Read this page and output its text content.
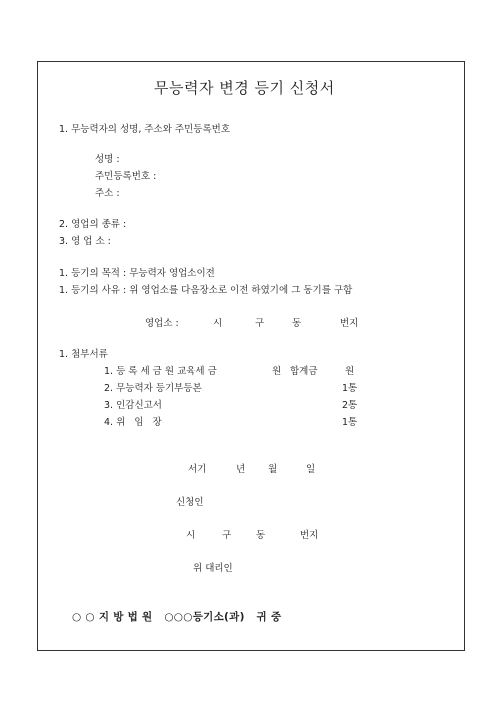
무능력자 변경 등기 신청서
1. 무능력자의 성명, 주소와 주민등록번호
성명 :
주민등록번호 :
주소 :
2. 영업의 종류 :
3. 영 업 소 :
1. 등기의 목적 : 무능력자 영업소이전
1. 등기의 사유 : 위 영업소를 다음장소로 이전 하였기에 그 동기를 구함
영업소 :	시	구	동	번지
1. 첨부서류
1. 등 록 세 금 원 교육세 금	원 합계금	원
2. 무능력자 등기부등본	1통
3. 인감신고서	2통
4. 위   임   장	1통
서기	년 월	일
신청인
시	구	동	번지
위 대리인
○ ○ 지 방 법 원   ○○○등기소(과)   귀 중
